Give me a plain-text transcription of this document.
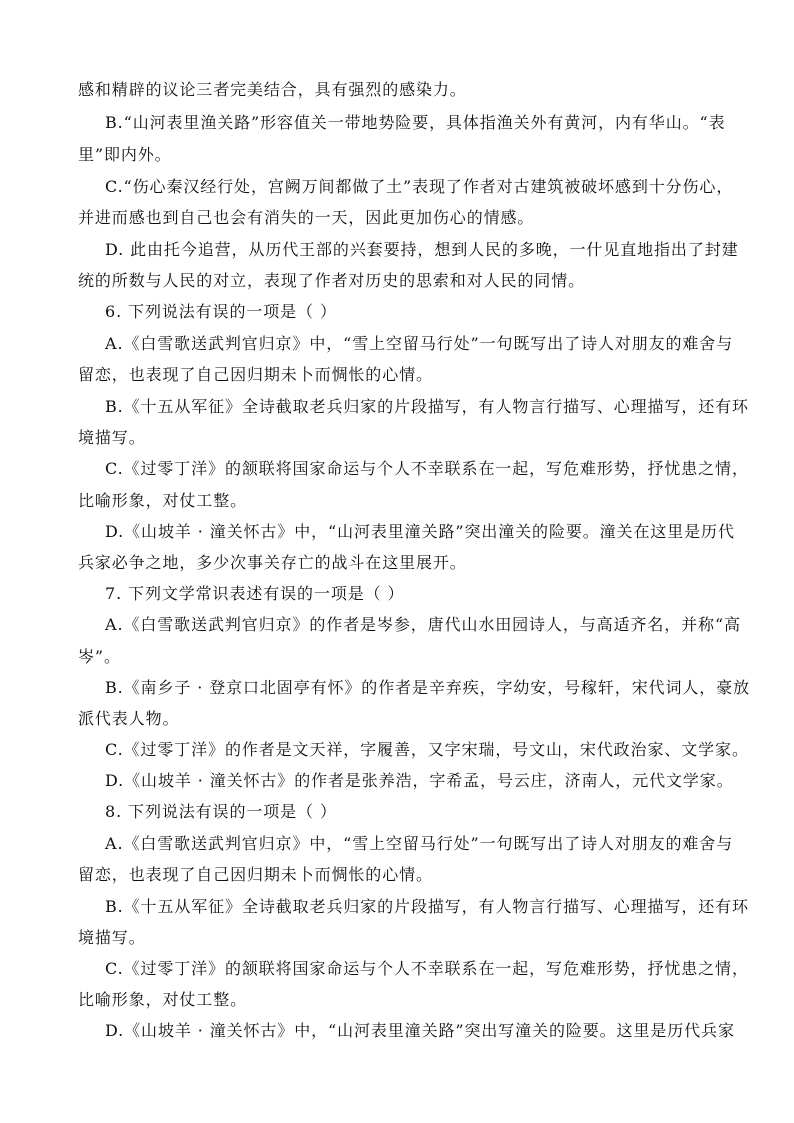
感和精辟的议论三者完美结合，具有强烈的感染力。
B.“山河表里渔关路”形容值关一带地势险要，具体指渔关外有黄河，内有华山。“表
里”即内外。
C.“伤心秦汉经行处，宫阙万间都做了土”表现了作者对古建筑被破坏感到十分伤心，
并进而感也到自己也会有消失的一天，因此更加伤心的情感。
D. 此由托今追营，从历代王部的兴套要持，想到人民的多晚，一什见直地指出了封建
统的所数与人民的对立，表现了作者对历史的思索和对人民的同情。
6. 下列说法有误的一项是（ ）
A.《白雪歌送武判官归京》中，“雪上空留马行处”一句既写出了诗人对朋友的难舍与
留恋，也表现了自己因归期未卜而惆怅的心情。
B.《十五从军征》全诗截取老兵归家的片段描写，有人物言行描写、心理描写，还有环
境描写。
C.《过零丁洋》的颔联将国家命运与个人不幸联系在一起，写危难形势，抒忧患之情，
比喻形象，对仗工整。
D.《山坡羊 · 潼关怀古》中，“山河表里潼关路”突出潼关的险要。潼关在这里是历代
兵家必争之地，多少次事关存亡的战斗在这里展开。
7. 下列文学常识表述有误的一项是（ ）
A.《白雪歌送武判官归京》的作者是岑参，唐代山水田园诗人，与高适齐名，并称“高
岑”。
B.《南乡子 · 登京口北固亭有怀》的作者是辛弃疾，字幼安，号稼轩，宋代词人，豪放
派代表人物。
C.《过零丁洋》的作者是文天祥，字履善，又字宋瑞，号文山，宋代政治家、文学家。
D.《山坡羊 · 潼关怀古》的作者是张养浩，字希孟，号云庄，济南人，元代文学家。
8. 下列说法有误的一项是（ ）
A.《白雪歌送武判官归京》中，“雪上空留马行处”一句既写出了诗人对朋友的难舍与
留恋，也表现了自己因归期未卜而惆怅的心情。
B.《十五从军征》全诗截取老兵归家的片段描写，有人物言行描写、心理描写，还有环
境描写。
C.《过零丁洋》的颔联将国家命运与个人不幸联系在一起，写危难形势，抒忧患之情，
比喻形象，对仗工整。
D.《山坡羊 · 潼关怀古》中，“山河表里潼关路”突出写潼关的险要。这里是历代兵家
